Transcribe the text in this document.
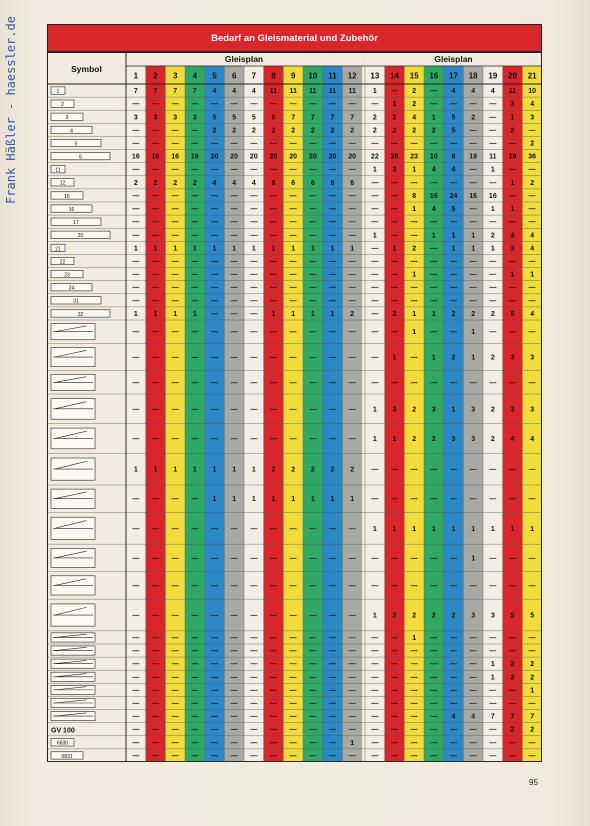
Frank Häßler - haessler.de	Bedarf an Gleismaterial und Zubehör
Gleisplan	Gleisplan
Symbol
1 2 3 4 5 6 7 8 9 10 11 12 13 14 15 16 17 18 19 20 21
1	7 7 7 7 4 4 4 11 11 11 11 11 1 — 2 — 4 4 4 11 10
2	— — — — — — — — — — — — — 1 2 — — — — 3 4
3	3 3 3 3 5 5 5 6 7 7 7 7	2 2 4 1 5 2 — 1 3
4	— — — — 2 2 2 2 2 2 2 2	2 2 2 2 5 — — 2 —
5	— — — — — — — — — — — — — — — — — — — — 2
6	16 16 16 16 20 20 20 20 20 20 20 20 22 26 23 10 8 19 11 19 36
11	— — — — — — — — — — — — 1 3 1 4 4 — 1 — —
12	2 2 2 2 4 4 4 6 6 6 6 6 — — — — — — — 1 2
15	— — — — — — — — — — — — — — 8 16 24 16 16 — —
16	— — — — — — — — — — — — — — 1 4 5 — 1 1 —
17	— — — — — — — — — — — — — — — — — — — — —
20	— — — — — — — — — — — — 1 — — 1 1 1 2 4 4
21	1 1 1 1 1 1 1 1 1 1 1 1 — 1 2 — 1 1 1 3 4
22	— — — — — — — — — — — — — — — — — — — — —
23	— — — — — — — — — — — — — — 1 — — — — 1 1
24	— — — — — — — — — — — — — — — — — — — — —
31	— — — — — — — — — — — — — — — — — — — — —
32	1 1 1 1 — — — 1 1 1 1 2 — 2 1 1 2 2 2 5 4
— — — — — — — — — — — — — — 1 — — 1 — — —
— — — — — — — — — — — — — 1 — 1 2 1 2 3 3
— — — — — — — — — — — — — — — — — — — — —
— — — — — — — — — — — — 1 3 2 3 1 3 2 3 3
— — — — — — — — — — — — 1 1 2 2 3 3 2 4 4
1 1 1 1 1 1 1 2 2 2 2 2 — — — — — — — — —
— — — — 1 1 1 1 1 1 1 1 — — — — — — — — —
— — — — — — — — — — — — 1 1 1 1 1 1 1 1 1
— — — — — — — — — — — — — — — — — 1 — — —
— — — — — — — — — — — — — — — — — — — — —
— — — — — — — — — — — — 1 2 2 2 2 3 3 5 5
— — — — — — — — — — — — — — 1 — — — — — —
— — — — — — — — — — — — — — — — — — — — —
— — — — — — — — — — — — — — — — — — 1 2 2
— — — — — — — — — — — — — — — — — — 1 2 2
— — — — — — — — — — — — — — — — — — — — 1
— — — — — — — — — — — — — — — — — — — — —
— — — — — — — — — — — — — — — — 4 4 7 7 7
GV 100	— — — — — — — — — — — — — — — — — — — 2 2
6830	— — — — — — — — — — — 1 — — — — — — — — —
6831	— — — — — — — — — — — — — — — — — — — — —
95
